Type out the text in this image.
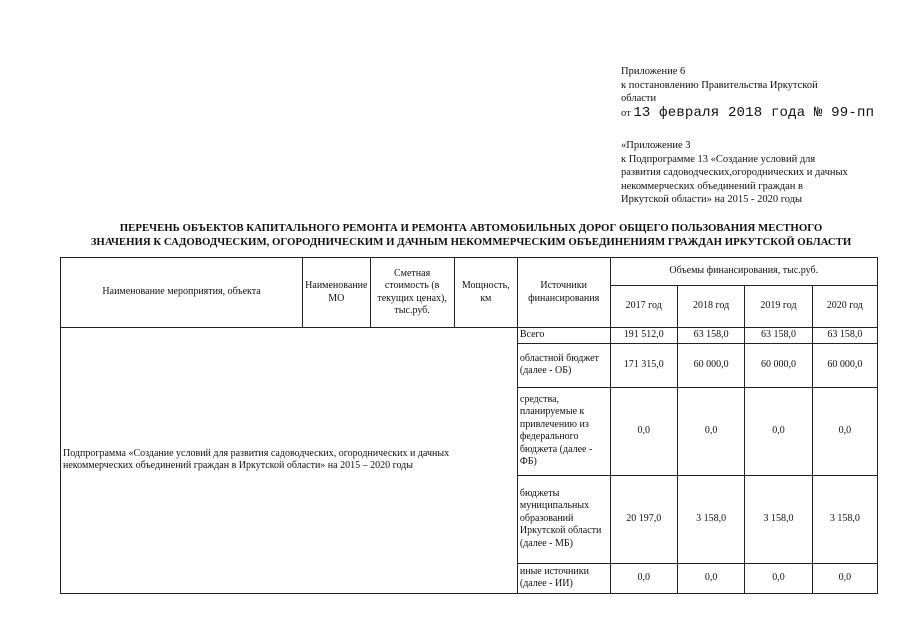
Приложение 6
к постановлению Правительства Иркутской
области
от 13 февраля 2018 года № 99-пп
«Приложение 3
к Подпрограмме 13 «Создание условий для
развития садоводческих,огороднических и дачных
некоммерческих объединений граждан в
Иркутской области» на 2015 - 2020 годы
ПЕРЕЧЕНЬ ОБЪЕКТОВ КАПИТАЛЬНОГО РЕМОНТА И РЕМОНТА АВТОМОБИЛЬНЫХ ДОРОГ ОБЩЕГО ПОЛЬЗОВАНИЯ МЕСТНОГО
ЗНАЧЕНИЯ К САДОВОДЧЕСКИМ, ОГОРОДНИЧЕСКИМ И ДАЧНЫМ НЕКОММЕРЧЕСКИМ ОБЪЕДИНЕНИЯМ ГРАЖДАН ИРКУТСКОЙ ОБЛАСТИ
Наименование мероприятия, объекта	Наименование МО	Сметная стоимость (в текущих ценах), тыс.руб.	Мощность, км	Источники финансирования	Объемы финансирования, тыс.руб.			
					2017 год	2018 год	2019 год	2020 год
Подпрограмма «Создание условий для развития садоводческих, огороднических и дачных некоммерческих объединений граждан в Иркутской области» на 2015 – 2020 годы				Всего	191 512,0	63 158,0	63 158,0	63 158,0
				областной бюджет (далее - ОБ)	171 315,0	60 000,0	60 000,0	60 000,0
				средства, планируемые к привлечению из федерального бюджета (далее - ФБ)	0,0	0,0	0,0	0,0
				бюджеты муниципальных образований Иркутской области (далее - МБ)	20 197,0	3 158,0	3 158,0	3 158,0
				иные источники (далее - ИИ)	0,0	0,0	0,0	0,0
